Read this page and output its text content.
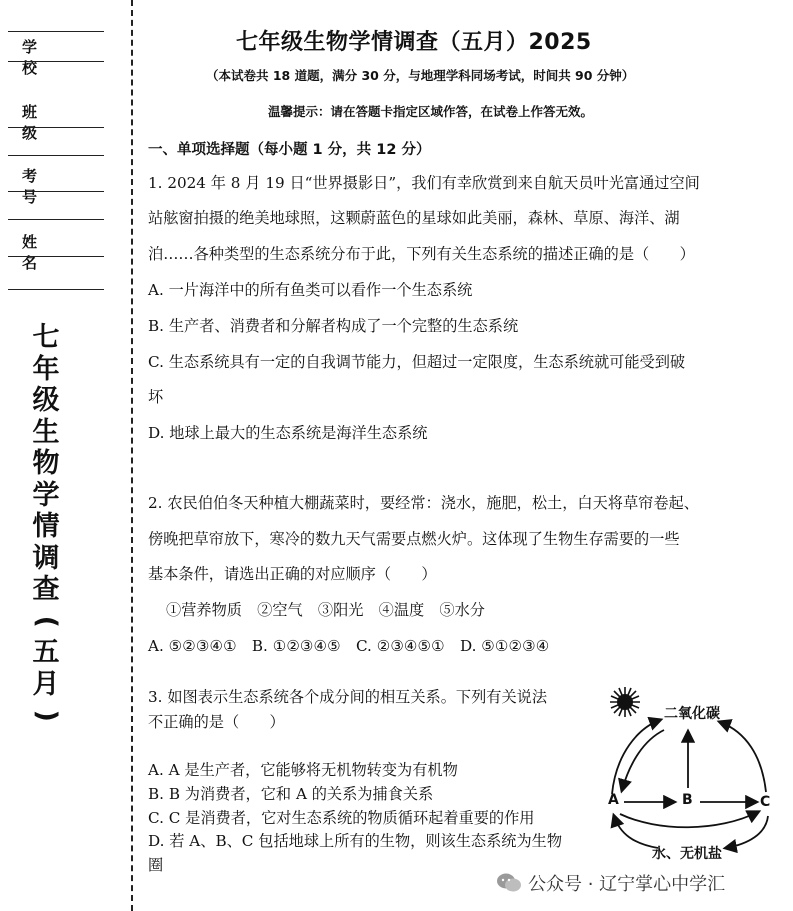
学校
班级
考号
姓名
七
年
级
生
物
学
情
调
查
(
五
月
)
七年级生物学情调查（五月）2025
（本试卷共 18 道题，满分 30 分，与地理学科同场考试，时间共 90 分钟）
温馨提示：请在答题卡指定区域作答，在试卷上作答无效。
一、单项选择题（每小题 1 分，共 12 分）
1. 2024 年 8 月 19 日“世界摄影日”，我们有幸欣赏到来自航天员叶光富通过空间
站舷窗拍摄的绝美地球照，这颗蔚蓝色的星球如此美丽，森林、草原、海洋、湖
泊……各种类型的生态系统分布于此，下列有关生态系统的描述正确的是（　　）
A. 一片海洋中的所有鱼类可以看作一个生态系统
B. 生产者、消费者和分解者构成了一个完整的生态系统
C. 生态系统具有一定的自我调节能力，但超过一定限度，生态系统就可能受到破
坏
D. 地球上最大的生态系统是海洋生态系统
2. 农民伯伯冬天种植大棚蔬菜时，要经常：浇水，施肥，松土，白天将草帘卷起、
傍晚把草帘放下，寒冷的数九天气需要点燃火炉。这体现了生物生存需要的一些
基本条件，请选出正确的对应顺序（　　）
①营养物质　②空气　③阳光　④温度　⑤水分
A. ⑤②③④①　B. ①②③④⑤　C. ②③④⑤①　D. ⑤①②③④
3. 如图表示生态系统各个成分间的相互关系。下列有关说法
不正确的是（　　）
A. A 是生产者，它能够将无机物转变为有机物
B. B 为消费者，它和 A 的关系为捕食关系
C. C 是消费者，它对生态系统的物质循环起着重要的作用
D. 若 A、B、C 包括地球上所有的生物，则该生态系统为生物
圈
二氧化碳
A	B	C
水、无机盐
公众号 · 辽宁掌心中学汇
